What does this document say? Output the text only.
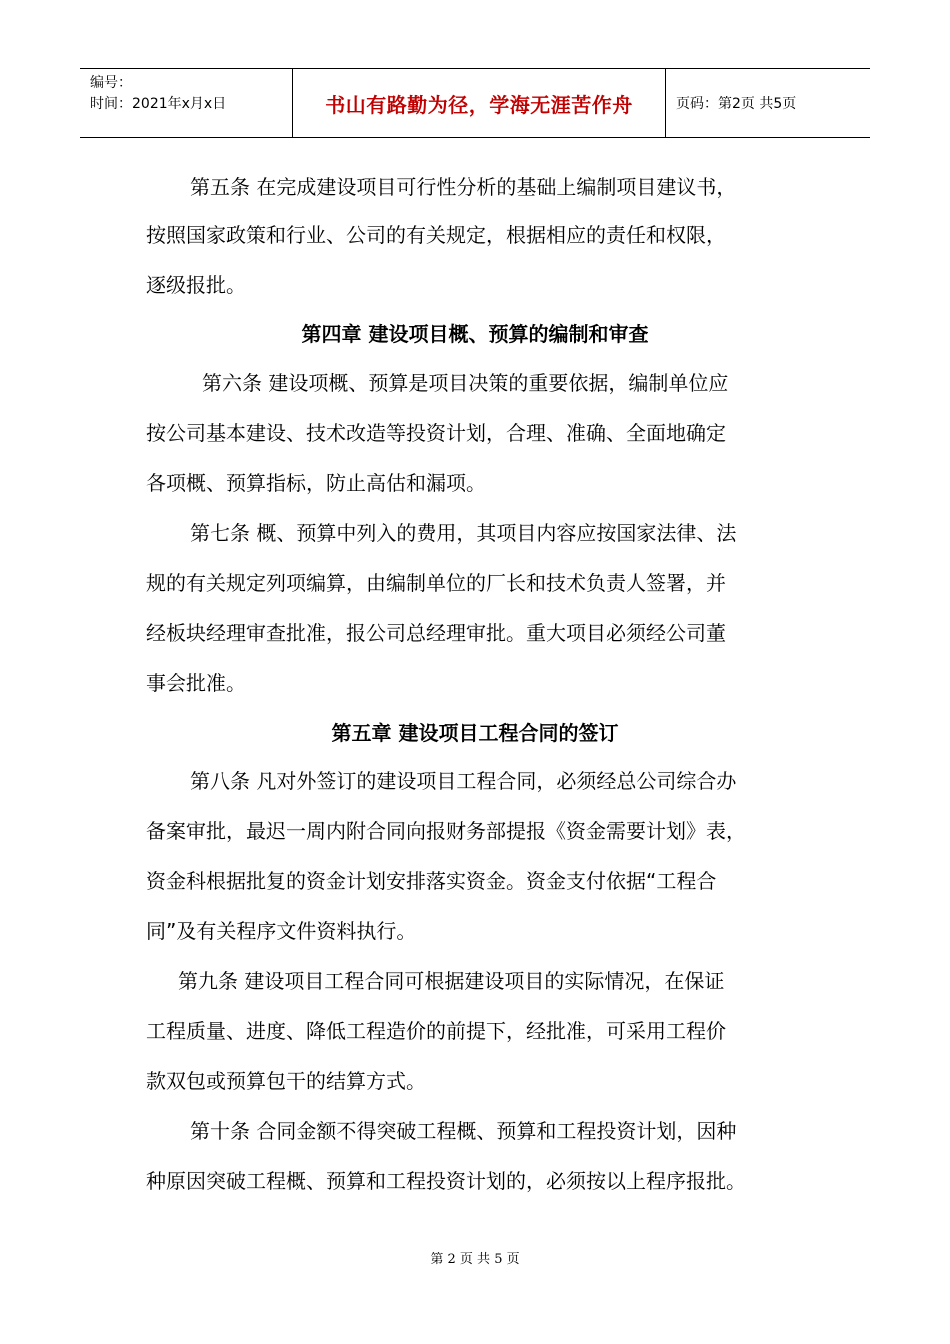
编号：
时间：2021年x月x日	书山有路勤为径，学海无涯苦作舟	页码：第2页 共5页
第五条 在完成建设项目可行性分析的基础上编制项目建议书，
按照国家政策和行业、公司的有关规定，根据相应的责任和权限，
逐级报批。
第四章 建设项目概、预算的编制和审查
第六条 建设项概、预算是项目决策的重要依据，编制单位应
按公司基本建设、技术改造等投资计划，合理、准确、全面地确定
各项概、预算指标，防止高估和漏项。
第七条 概、预算中列入的费用，其项目内容应按国家法律、法
规的有关规定列项编算，由编制单位的厂长和技术负责人签署，并
经板块经理审查批准，报公司总经理审批。重大项目必须经公司董
事会批准。
第五章 建设项目工程合同的签订
第八条 凡对外签订的建设项目工程合同，必须经总公司综合办
备案审批，最迟一周内附合同向报财务部提报《资金需要计划》表，
资金科根据批复的资金计划安排落实资金。资金支付依据“工程合
同”及有关程序文件资料执行。
第九条 建设项目工程合同可根据建设项目的实际情况，在保证
工程质量、进度、降低工程造价的前提下，经批准，可采用工程价
款双包或预算包干的结算方式。
第十条 合同金额不得突破工程概、预算和工程投资计划，因种
种原因突破工程概、预算和工程投资计划的，必须按以上程序报批。
第 2 页 共 5 页
